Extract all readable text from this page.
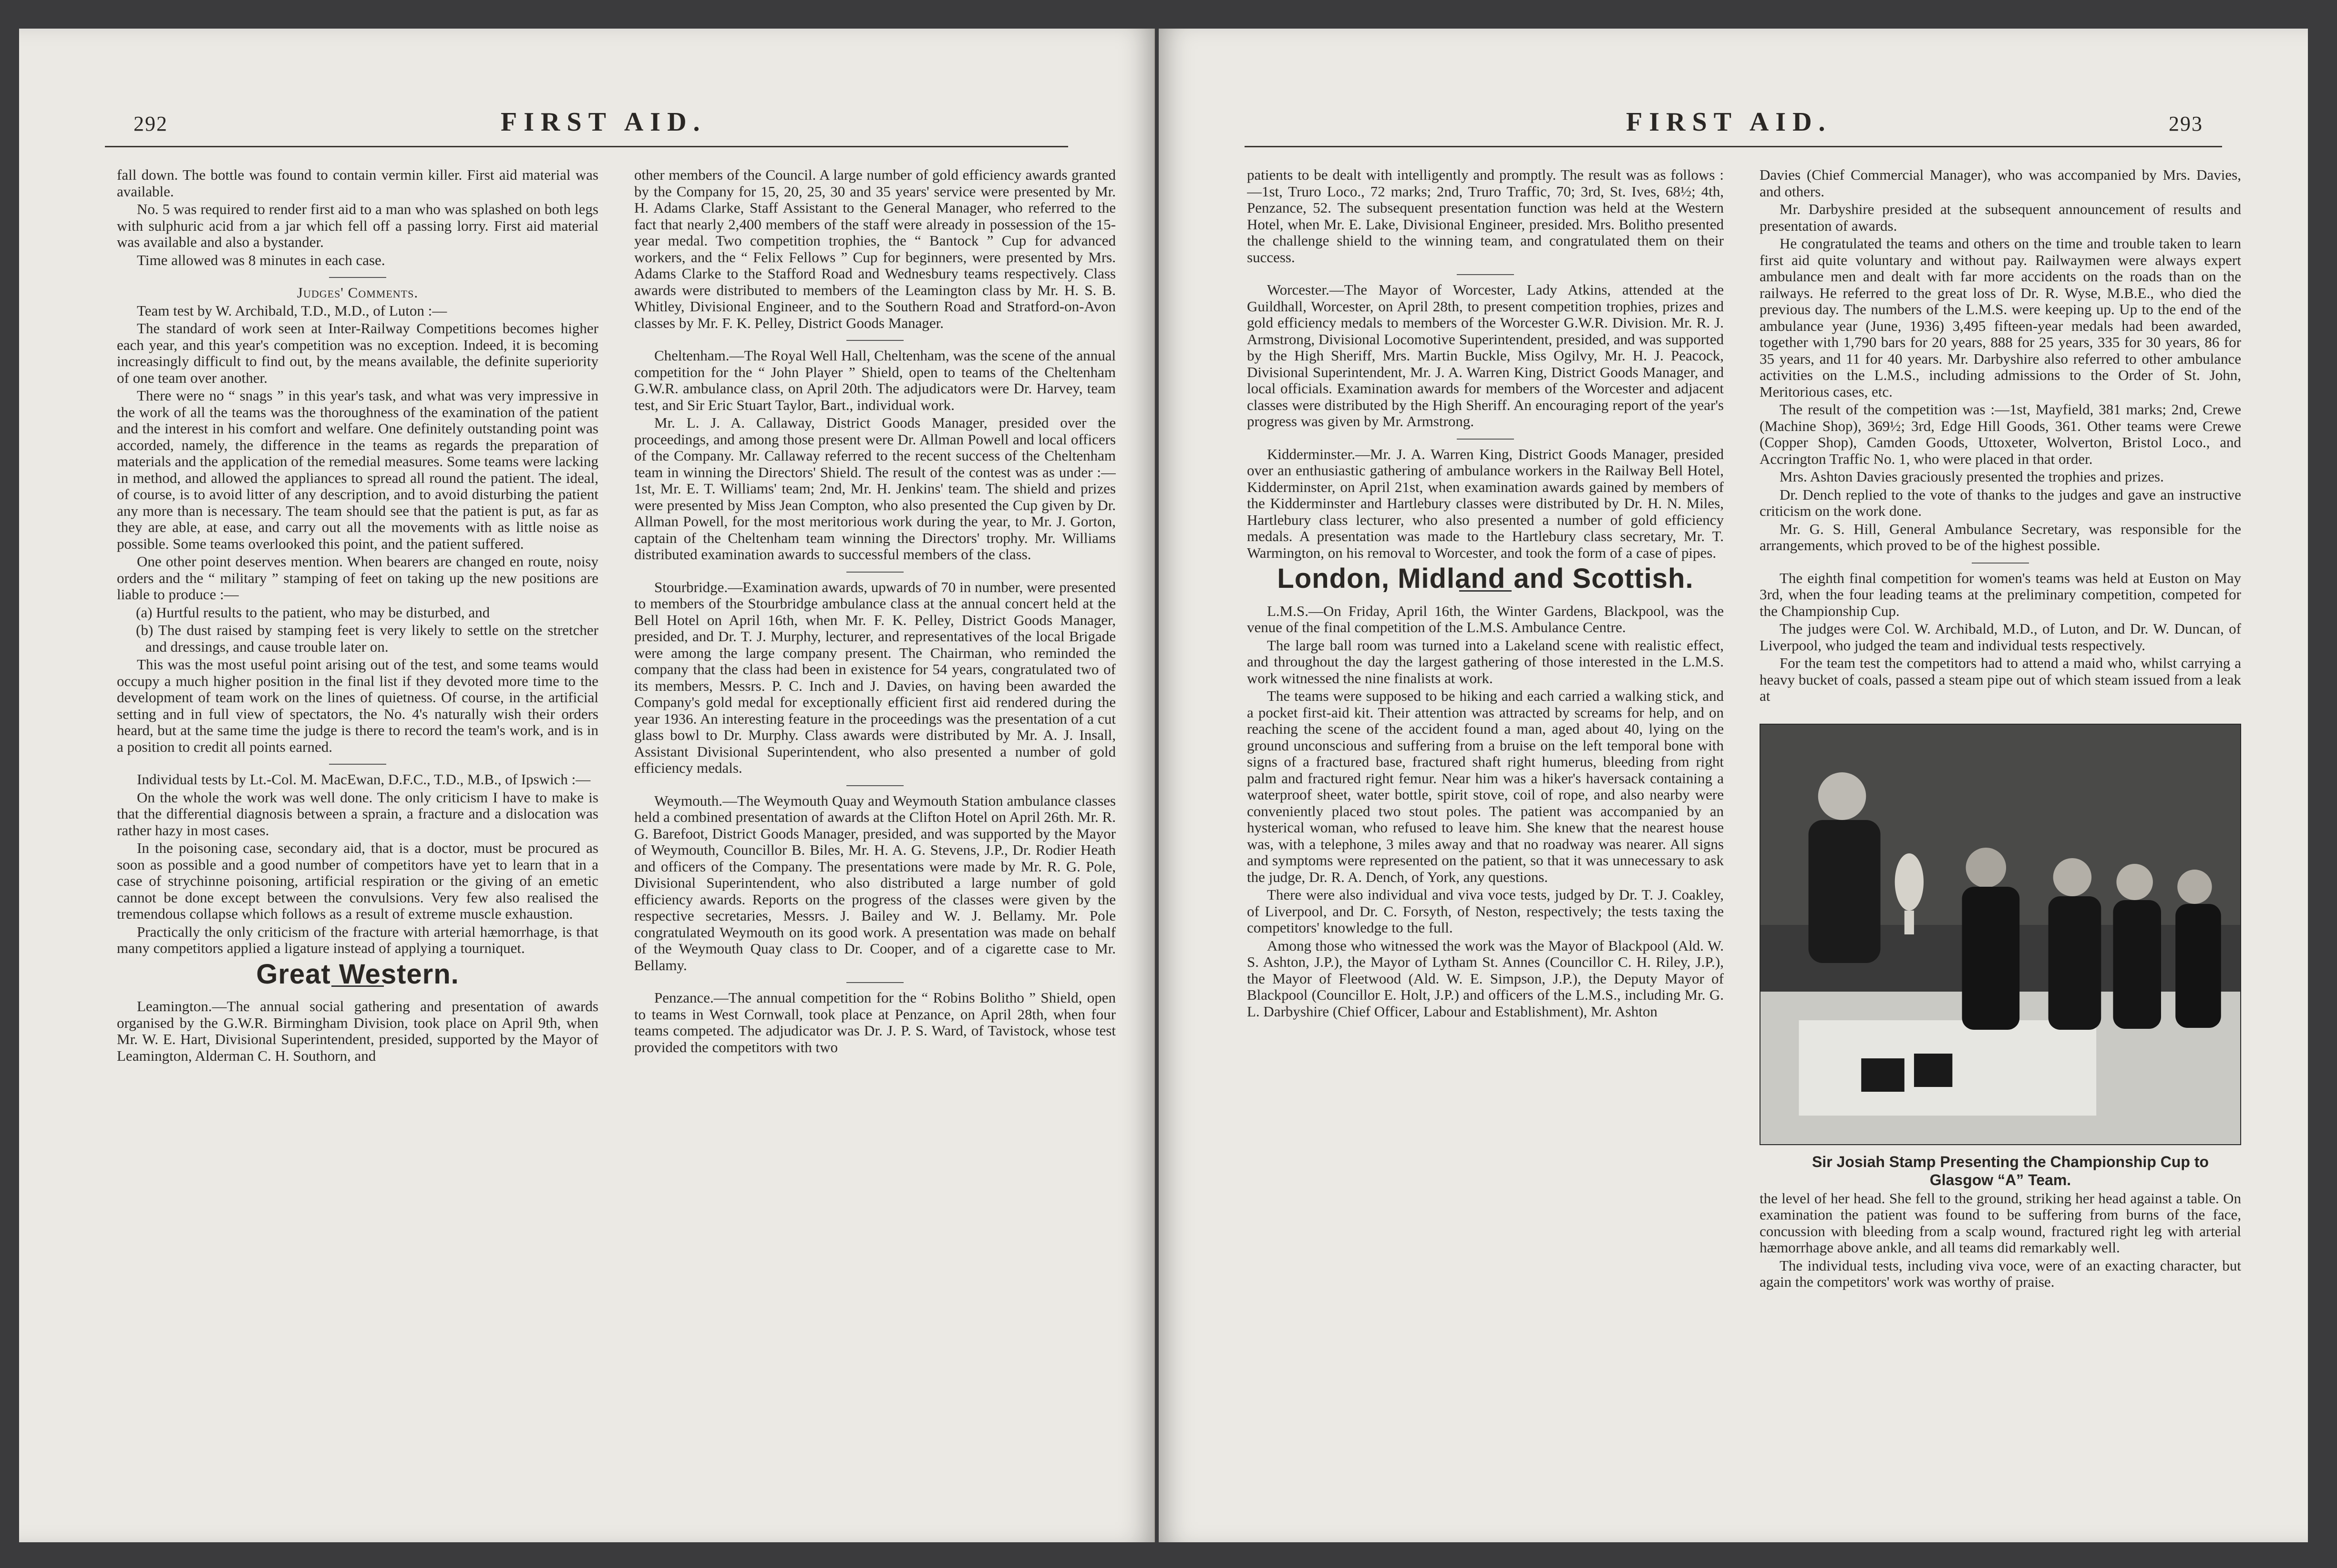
292	FIRST AID.

fall down. The bottle was found to contain vermin killer. First aid material was available.

No. 5 was required to render first aid to a man who was splashed on both legs with sulphuric acid from a jar which fell off a passing lorry. First aid material was available and also a bystander.

Time allowed was 8 minutes in each case.

Judges' Comments.

Team test by W. Archibald, T.D., M.D., of Luton :—

The standard of work seen at Inter-Railway Competitions becomes higher each year, and this year's competition was no exception. Indeed, it is becoming increasingly difficult to find out, by the means available, the definite superiority of one team over another.

There were no “ snags ” in this year's task, and what was very impressive in the work of all the teams was the thoroughness of the examination of the patient and the interest in his comfort and welfare. One definitely outstanding point was accorded, namely, the difference in the teams as regards the preparation of materials and the application of the remedial measures. Some teams were lacking in method, and allowed the appliances to spread all round the patient. The ideal, of course, is to avoid litter of any description, and to avoid disturbing the patient any more than is necessary. The team should see that the patient is put, as far as they are able, at ease, and carry out all the movements with as little noise as possible. Some teams overlooked this point, and the patient suffered.

One other point deserves mention. When bearers are changed en route, noisy orders and the “ military ” stamping of feet on taking up the new positions are liable to produce :—

(a) Hurtful results to the patient, who may be disturbed, and

(b) The dust raised by stamping feet is very likely to settle on the stretcher and dressings, and cause trouble later on.

This was the most useful point arising out of the test, and some teams would occupy a much higher position in the final list if they devoted more time to the development of team work on the lines of quietness. Of course, in the artificial setting and in full view of spectators, the No. 4's naturally wish their orders heard, but at the same time the judge is there to record the team's work, and is in a position to credit all points earned.

Individual tests by Lt.-Col. M. MacEwan, D.F.C., T.D., M.B., of Ipswich :—

On the whole the work was well done. The only criticism I have to make is that the differential diagnosis between a sprain, a fracture and a dislocation was rather hazy in most cases.

In the poisoning case, secondary aid, that is a doctor, must be procured as soon as possible and a good number of competitors have yet to learn that in a case of strychinne poisoning, artificial respiration or the giving of an emetic cannot be done except between the convulsions. Very few also realised the tremendous collapse which follows as a result of extreme muscle exhaustion.

Practically the only criticism of the fracture with arterial hæmorrhage, is that many competitors applied a ligature instead of applying a tourniquet.

Great Western.

Leamington.—The annual social gathering and presentation of awards organised by the G.W.R. Birmingham Division, took place on April 9th, when Mr. W. E. Hart, Divisional Superintendent, presided, supported by the Mayor of Leamington, Alderman C. H. Southorn, and

other members of the Council. A large number of gold efficiency awards granted by the Company for 15, 20, 25, 30 and 35 years' service were presented by Mr. H. Adams Clarke, Staff Assistant to the General Manager, who referred to the fact that nearly 2,400 members of the staff were already in possession of the 15-year medal. Two competition trophies, the “ Bantock ” Cup for advanced workers, and the “ Felix Fellows ” Cup for beginners, were presented by Mrs. Adams Clarke to the Stafford Road and Wednesbury teams respectively. Class awards were distributed to members of the Leamington class by Mr. H. S. B. Whitley, Divisional Engineer, and to the Southern Road and Stratford-on-Avon classes by Mr. F. K. Pelley, District Goods Manager.

Cheltenham.—The Royal Well Hall, Cheltenham, was the scene of the annual competition for the “ John Player ” Shield, open to teams of the Cheltenham G.W.R. ambulance class, on April 20th. The adjudicators were Dr. Harvey, team test, and Sir Eric Stuart Taylor, Bart., individual work.

Mr. L. J. A. Callaway, District Goods Manager, presided over the proceedings, and among those present were Dr. Allman Powell and local officers of the Company. Mr. Callaway referred to the recent success of the Cheltenham team in winning the Directors' Shield. The result of the contest was as under :—1st, Mr. E. T. Williams' team; 2nd, Mr. H. Jenkins' team. The shield and prizes were presented by Miss Jean Compton, who also presented the Cup given by Dr. Allman Powell, for the most meritorious work during the year, to Mr. J. Gorton, captain of the Cheltenham team winning the Directors' trophy. Mr. Williams distributed examination awards to successful members of the class.

Stourbridge.—Examination awards, upwards of 70 in number, were presented to members of the Stourbridge ambulance class at the annual concert held at the Bell Hotel on April 16th, when Mr. F. K. Pelley, District Goods Manager, presided, and Dr. T. J. Murphy, lecturer, and representatives of the local Brigade were among the large company present. The Chairman, who reminded the company that the class had been in existence for 54 years, congratulated two of its members, Messrs. P. C. Inch and J. Davies, on having been awarded the Company's gold medal for exceptionally efficient first aid rendered during the year 1936. An interesting feature in the proceedings was the presentation of a cut glass bowl to Dr. Murphy. Class awards were distributed by Mr. A. J. Insall, Assistant Divisional Superintendent, who also presented a number of gold efficiency medals.

Weymouth.—The Weymouth Quay and Weymouth Station ambulance classes held a combined presentation of awards at the Clifton Hotel on April 26th. Mr. R. G. Barefoot, District Goods Manager, presided, and was supported by the Mayor of Weymouth, Councillor B. Biles, Mr. H. A. G. Stevens, J.P., Dr. Rodier Heath and officers of the Company. The presentations were made by Mr. R. G. Pole, Divisional Superintendent, who also distributed a large number of gold efficiency awards. Reports on the progress of the classes were given by the respective secretaries, Messrs. J. Bailey and W. J. Bellamy. Mr. Pole congratulated Weymouth on its good work. A presentation was made on behalf of the Weymouth Quay class to Dr. Cooper, and of a cigarette case to Mr. Bellamy.

Penzance.—The annual competition for the “ Robins Bolitho ” Shield, open to teams in West Cornwall, took place at Penzance, on April 28th, when four teams competed. The adjudicator was Dr. J. P. S. Ward, of Tavistock, whose test provided the competitors with two

FIRST AID.	293

patients to be dealt with intelligently and promptly. The result was as follows :—1st, Truro Loco., 72 marks; 2nd, Truro Traffic, 70; 3rd, St. Ives, 68½; 4th, Penzance, 52. The subsequent presentation function was held at the Western Hotel, when Mr. E. Lake, Divisional Engineer, presided. Mrs. Bolitho presented the challenge shield to the winning team, and congratulated them on their success.

Worcester.—The Mayor of Worcester, Lady Atkins, attended at the Guildhall, Worcester, on April 28th, to present competition trophies, prizes and gold efficiency medals to members of the Worcester G.W.R. Division. Mr. R. J. Armstrong, Divisional Locomotive Superintendent, presided, and was supported by the High Sheriff, Mrs. Martin Buckle, Miss Ogilvy, Mr. H. J. Peacock, Divisional Superintendent, Mr. J. A. Warren King, District Goods Manager, and local officials. Examination awards for members of the Worcester and adjacent classes were distributed by the High Sheriff. An encouraging report of the year's progress was given by Mr. Armstrong.

Kidderminster.—Mr. J. A. Warren King, District Goods Manager, presided over an enthusiastic gathering of ambulance workers in the Railway Bell Hotel, Kidderminster, on April 21st, when examination awards gained by members of the Kidderminster and Hartlebury classes were distributed by Dr. H. N. Miles, Hartlebury class lecturer, who also presented a number of gold efficiency medals. A presentation was made to the Hartlebury class secretary, Mr. T. Warmington, on his removal to Worcester, and took the form of a case of pipes.

London, Midland and Scottish.

L.M.S.—On Friday, April 16th, the Winter Gardens, Blackpool, was the venue of the final competition of the L.M.S. Ambulance Centre.

The large ball room was turned into a Lakeland scene with realistic effect, and throughout the day the largest gathering of those interested in the L.M.S. work witnessed the nine finalists at work.

The teams were supposed to be hiking and each carried a walking stick, and a pocket first-aid kit. Their attention was attracted by screams for help, and on reaching the scene of the accident found a man, aged about 40, lying on the ground unconscious and suffering from a bruise on the left temporal bone with signs of a fractured base, fractured shaft right humerus, bleeding from right palm and fractured right femur. Near him was a hiker's haversack containing a waterproof sheet, water bottle, spirit stove, coil of rope, and also nearby were conveniently placed two stout poles. The patient was accompanied by an hysterical woman, who refused to leave him. She knew that the nearest house was, with a telephone, 3 miles away and that no roadway was nearer. All signs and symptoms were represented on the patient, so that it was unnecessary to ask the judge, Dr. R. A. Dench, of York, any questions.

There were also individual and viva voce tests, judged by Dr. T. J. Coakley, of Liverpool, and Dr. C. Forsyth, of Neston, respectively; the tests taxing the competitors' knowledge to the full.

Among those who witnessed the work was the Mayor of Blackpool (Ald. W. S. Ashton, J.P.), the Mayor of Lytham St. Annes (Councillor C. H. Riley, J.P.), the Mayor of Fleetwood (Ald. W. E. Simpson, J.P.), the Deputy Mayor of Blackpool (Councillor E. Holt, J.P.) and officers of the L.M.S., including Mr. G. L. Darbyshire (Chief Officer, Labour and Establishment), Mr. Ashton

Davies (Chief Commercial Manager), who was accompanied by Mrs. Davies, and others.

Mr. Darbyshire presided at the subsequent announcement of results and presentation of awards.

He congratulated the teams and others on the time and trouble taken to learn first aid quite voluntary and without pay. Railwaymen were always expert ambulance men and dealt with far more accidents on the roads than on the railways. He referred to the great loss of Dr. R. Wyse, M.B.E., who died the previous day. The numbers of the L.M.S. were keeping up. Up to the end of the ambulance year (June, 1936) 3,495 fifteen-year medals had been awarded, together with 1,790 bars for 20 years, 888 for 25 years, 335 for 30 years, 86 for 35 years, and 11 for 40 years. Mr. Darbyshire also referred to other ambulance activities on the L.M.S., including admissions to the Order of St. John, Meritorious cases, etc.

The result of the competition was :—1st, Mayfield, 381 marks; 2nd, Crewe (Machine Shop), 369½; 3rd, Edge Hill Goods, 361. Other teams were Crewe (Copper Shop), Camden Goods, Uttoxeter, Wolverton, Bristol Loco., and Accrington Traffic No. 1, who were placed in that order.

Mrs. Ashton Davies graciously presented the trophies and prizes.

Dr. Dench replied to the vote of thanks to the judges and gave an instructive criticism on the work done.

Mr. G. S. Hill, General Ambulance Secretary, was responsible for the arrangements, which proved to be of the highest possible.

The eighth final competition for women's teams was held at Euston on May 3rd, when the four leading teams at the preliminary competition, competed for the Championship Cup.

The judges were Col. W. Archibald, M.D., of Luton, and Dr. W. Duncan, of Liverpool, who judged the team and individual tests respectively.

For the team test the competitors had to attend a maid who, whilst carrying a heavy bucket of coals, passed a steam pipe out of which steam issued from a leak at

Sir Josiah Stamp Presenting the Championship Cup to Glasgow “A” Team.

the level of her head. She fell to the ground, striking her head against a table. On examination the patient was found to be suffering from burns of the face, concussion with bleeding from a scalp wound, fractured right leg with arterial hæmorrhage above ankle, and all teams did remarkably well.

The individual tests, including viva voce, were of an exacting character, but again the competitors' work was worthy of praise.
